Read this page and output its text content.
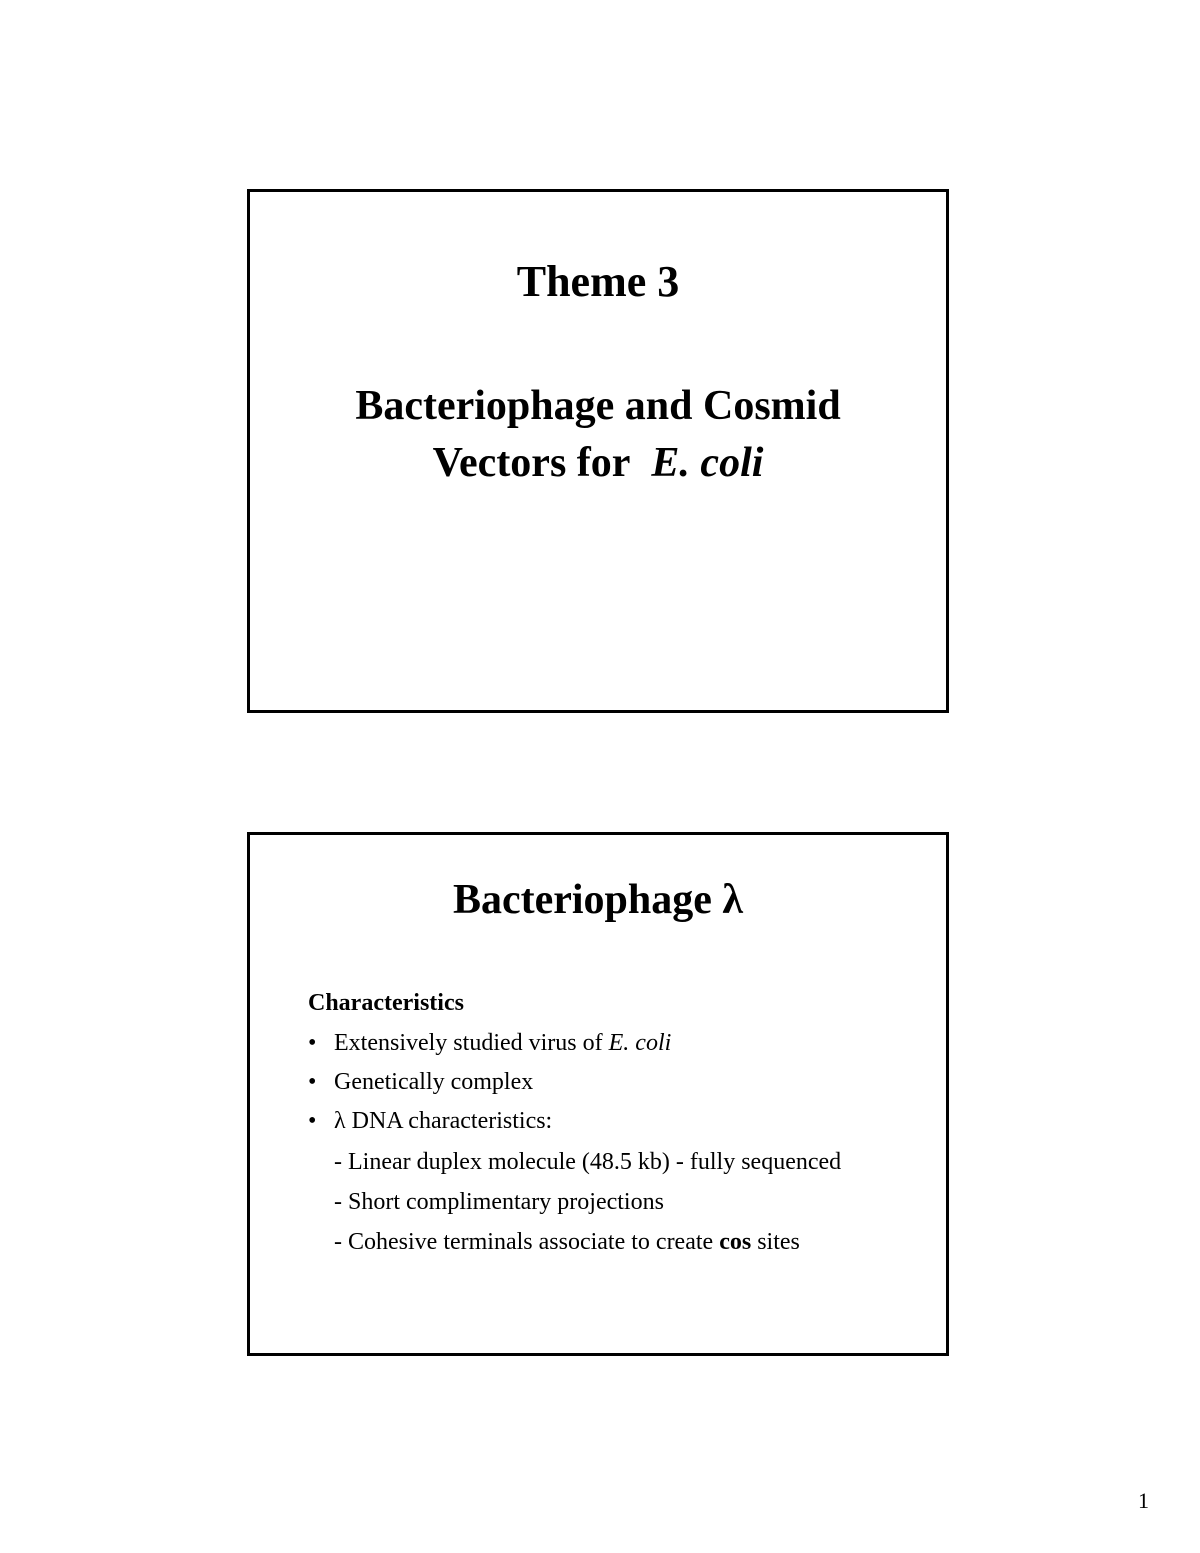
Theme 3

Bacteriophage and Cosmid
Vectors for E. coli

Bacteriophage λ

Characteristics

• Extensively studied virus of E. coli
• Genetically complex
• λ DNA characteristics:
- Linear duplex molecule (48.5 kb) - fully sequenced
- Short complimentary projections
- Cohesive terminals associate to create cos sites
1
